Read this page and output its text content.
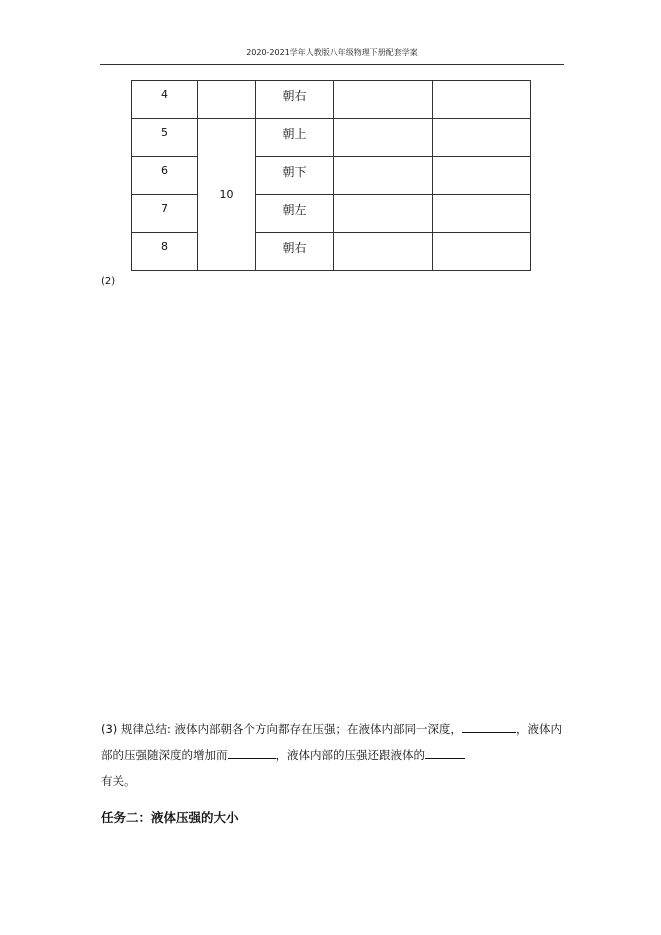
2020-2021学年人教版八年级物理下册配套学案
4		朝右		

5	10	朝上		

6		朝下		

7		朝左		

8		朝右		

(2)
(3) 规律总结: 液体内部朝各个方向都存在压强；在液体内部同一深度，	，液体内部的压强随深度的增加而	，液体内部的压强还跟液体的
有关。
任务二：液体压强的大小
